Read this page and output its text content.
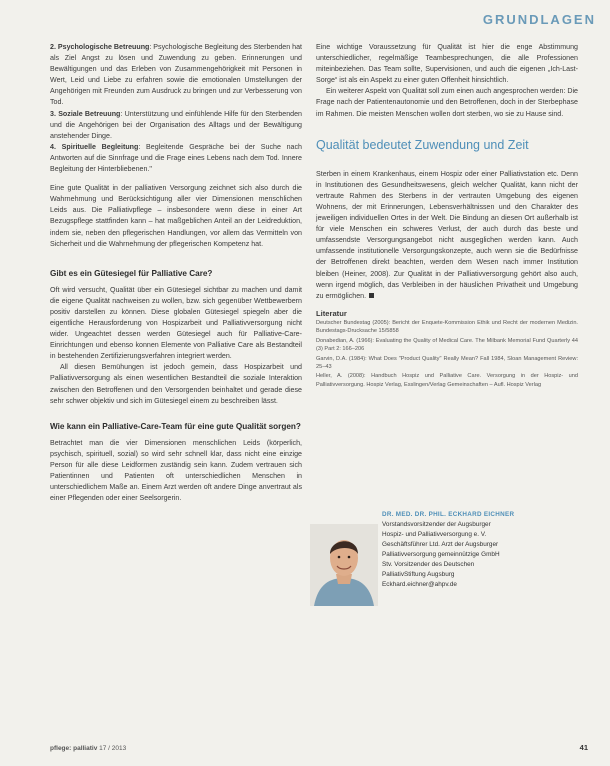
GRUNDLAGEN
2. Psychologische Betreuung: Psychologische Begleitung des Sterbenden hat als Ziel Angst zu lösen und Zuwendung zu geben. Erinnerungen und Bewältigungen und das Erleben von Zusammengehörigkeit mit Personen in Wert, Leid und Liebe zu erfahren sowie die emotionalen Umstellungen der Angehörigen mit Freunden zum Ausdruck zu bringen und zur Verbesserung von Tod.
3. Soziale Betreuung: Unterstützung und einfühlende Hilfe für den Sterbenden und die Angehörigen bei der Organisation des Alltags und der Bewältigung anstehender Dinge.
4. Spirituelle Begleitung: Begleitende Gespräche bei der Suche nach Antworten auf die Sinnfrage und die Frage eines Lebens nach dem Tod. Innere Begleitung der Hinterbliebenen."

Eine gute Qualität in der palliativen Versorgung zeichnet sich also durch die Wahrnehmung und Berücksichtigung aller vier Dimensionen menschlichen Leids aus. Die Palliativpflege – insbesondere wenn diese in einer Art Bezugspflege stattfinden kann – hat maßgeblichen Anteil an der Leidreduktion, indem sie, neben den pflegerischen Handlungen, vor allem das Vermitteln von Sicherheit und die Wahrnehmung der pflegerischen Kompetenz hat.

Gibt es ein Gütesiegel für Palliative Care?

Oft wird versucht, Qualität über ein Gütesiegel sichtbar zu machen und damit die eigene Qualität nachweisen zu wollen, bzw. sich gegenüber Wettbewerbern positiv darstellen zu können. Diese globalen Gütesiegel spiegeln aber die eigentliche Herausforderung von Hospizarbeit und Palliativversorgung nicht wider. Ungeachtet dessen werden Gütesiegel auch für Palliative-Care-Einrichtungen und ebenso konnen Elemente von Palliative Care als Bestandteil in bestehenden Zertifizierungsverfahren integriert werden.

All diesen Bemühungen ist jedoch gemein, dass Hospizarbeit und Palliativversorgung als einen wesentlichen Bestandteil die soziale Interaktion zwischen den Betroffenen und den Versorgenden beinhaltet und gerade diese sehr schwer objektiv und sich im Gütesiegel einem zu beschreiben lässt.

Wie kann ein Palliative-Care-Team für eine gute Qualität sorgen?

Betrachtet man die vier Dimensionen menschlichen Leids (körperlich, psychisch, spirituell, sozial) so wird sehr schnell klar, dass nicht eine einzige Person für alle diese Leidformen zuständig sein kann. Zudem vertrauen sich Patientinnen und Patienten oft unterschiedlichen Menschen in unterschiedlichem Maße an. Einem Arzt werden oft andere Dinge anvertraut als einer Pflegenden oder einer Seelsorgerin.

Eine wichtige Voraussetzung für Qualität ist hier die enge Abstimmung unterschiedlicher, regelmäßige Teambesprechungen, die alle Professionen miteinbeziehen. Das Team sollte, Supervisionen, und auch die eigenen „Ich-Last-Sorge“ ist als ein Aspekt zu einer guten Offenheit hinsichtlich.

Ein weiterer Aspekt von Qualität soll zum einen auch angesprochen werden: Die Frage nach der Patientenautonomie und den Betroffenen, doch in der Sterbephase im Rahmen. Die meisten Menschen wollen dort sterben, wo sie zu Hause sind.

Qualität bedeutet Zuwendung und Zeit

Sterben in einem Krankenhaus, einem Hospiz oder einer Palliativstation etc. Denn in Institutionen des Gesundheitswesens, gleich welcher Qualität, kann nicht der vertraute Rahmen des Sterbens in der vertrauten Umgebung des eigenen Wohnens, der mit Erinnerungen, Lebensverhältnissen und den Charakter des jeweiligen individuellen Ortes in der Welt. Die Bindung an diesen Ort außerhalb ist für viele Menschen ein schweres Verlust, der auch durch das beste und umfassendste Versorgungsangebot nicht ausgeglichen werden kann. Auch umfassende institutionelle Versorgungskonzepte, auch wenn sie die Bedürfnisse der Betroffenen direkt beachten, werden dem Wesen nach immer Institution bleiben (Heiner, 2008). Zur Qualität in der Palliativversorgung gehört also auch, wenn irgend möglich, das Verbleiben in der häuslichen Privatheit und Umgebung zu ermöglichen.

Literatur

Deutscher Bundestag (2005): Bericht der Enquete-Kommission Ethik und Recht der modernen Medizin. Bundestags-Drucksache 15/5858

Donabedian, A. (1966): Evaluating the Quality of Medical Care. The Milbank Memorial Fund Quarterly 44 (3) Part 2: 166–206

Garvin, D.A. (1984): What Does "Product Quality" Really Mean? Fall 1984, Sloan Management Review: 25–43

Heller, A. (2008): Handbuch Hospiz und Palliative Care. Versorgung in der Hospiz- und Palliativversorgung. Hospiz Verlag, Esslingen/Verlag Gemeinschaften – Aufl. Hospiz Verlag

DR. MED. DR. PHIL. ECKHARD EICHNER
Vorstandsvorsitzender der Augsburger
Hospiz- und Palliativversorgung e. V.
Geschäftsführer Ltd. Arzt der Augsburger
Palliativversorgung gemeinnützige GmbH
Stv. Vorsitzender des Deutschen
PalliativStiftung Augsburg
Eckhard.eichner@ahpv.de
pflege: palliativ 17 / 2013	41
